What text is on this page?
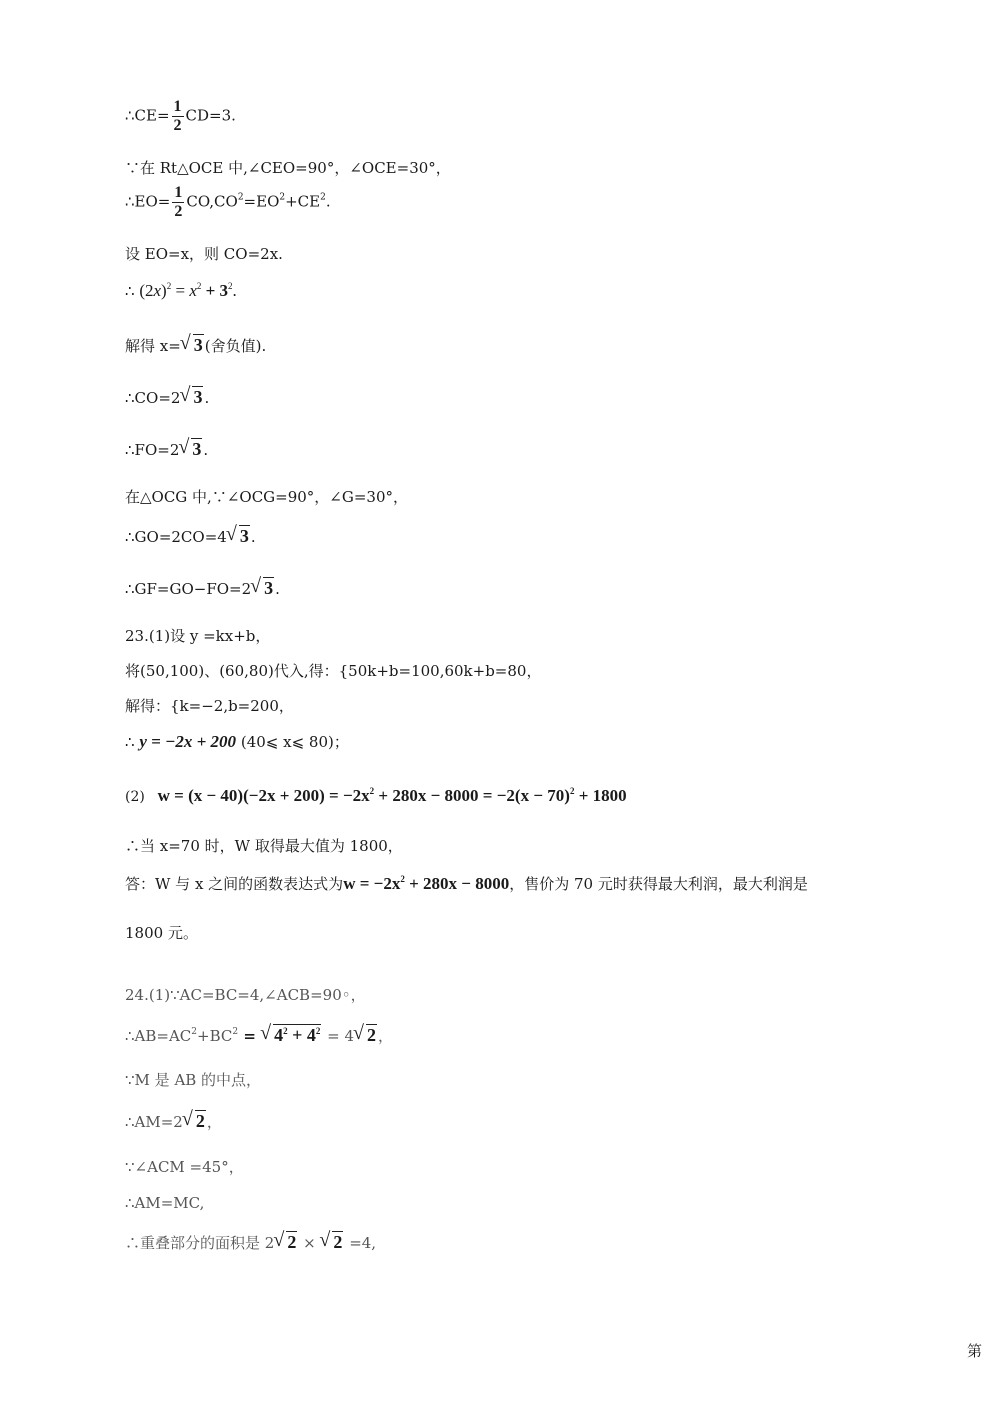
∴CE= $\frac{1}{2} CD=3$.
∵在 Rt△OCE 中,∠CEO=90°，∠OCE=30°，
∴EO= $\frac{1}{2} CO,CO^2=EO^2+CE^2$.
设 EO=x，则 CO=2x.
∴ $(2x)^2 = x^2 + 3^2$.
解得 x=√ 3 (舍负值).
∴CO=2√ 3 .
∴FO=2√ 3 .
在△OCG 中,∵∠OCG=90°，∠G=30°，
∴GO=2CO=4√ 3 .
∴GF=GO−FO=2√ 3 .
23.(1)设 y =kx+b，
将(50,100)、(60,80)代入,得：{50k+b=100,60k+b=80，
解得：{k=−2,b=200，
∴ y = −2x + 200 (40⩽ x⩽ 80)；
(2) $w = (x - 40)(-2x + 200) = -2x^2 + 280x - 8000 = -2(x - 70)^2 + 1800$
∴当 x=70 时，W 取得最大值为 1800，
答：W 与 x 之间的函数表达式为$w = -2x^2 + 280x - 8000$，售价为 70 元时获得最大利润，最大利润是
1800 元。
24.(1)∵AC=BC=4,∠ACB=90◦，
$\therefore AB=AC^2+BC^2$ = √ $4^2 + 4^2 = 4√$ 2 ，
∵M 是 AB 的中点，
∴AM=2√ 2 ，
∵∠ACM =45°，
∴AM=MC,
∴重叠部分的面积是 2√ 2 × √ 2 =4,
第
